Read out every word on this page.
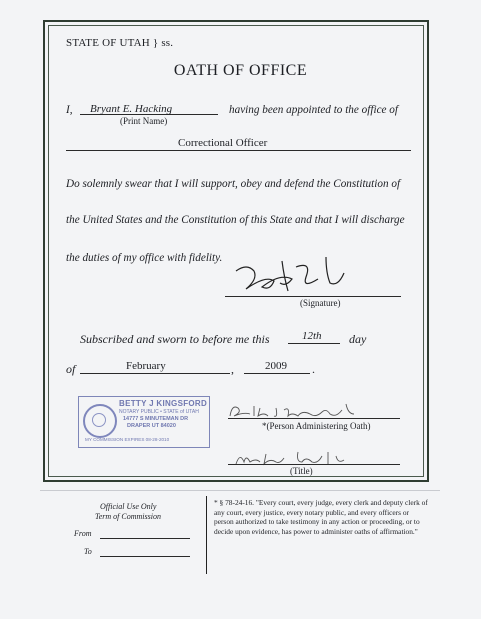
STATE OF UTAH } ss.
OATH OF OFFICE
I, Bryant E. Hacking
(Print Name)
having been appointed to the office of
Correctional Officer
Do solemnly swear that I will support, obey and defend the Constitution of
the United States and the Constitution of this State and that I will discharge
the duties of my office with fidelity.
(Signature)
Subscribed and sworn to before me this	12th day
of	February	,	2009 .
BETTY J KINGSFORD
NOTARY PUBLIC • STATE of UTAH
14777 S MINUTEMAN DR
DRAPER UT 84020
MY COMMISSION EXPIRES 08-28-2010
*(Person Administering Oath)
(Title)
Official Use Only
Term of Commission
From
To
* § 78-24-16. "Every court, every judge, every clerk and deputy clerk of any court, every justice, every notary public, and every officers or person authorized to take testimony in any action or proceeding, or to decide upon evidence, has power to administer oaths of affirmation."
